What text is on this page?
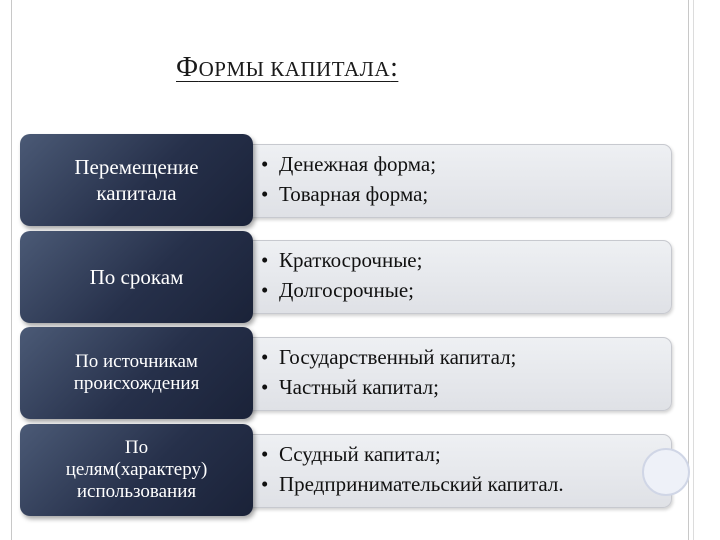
ФОРМЫ КАПИТАЛА:
• Денежная форма;
• Товарная форма;
Перемещение
капитала
• Краткосрочные;
• Долгосрочные;
По срокам
• Государственный капитал;
• Частный капитал;
По источникам
происхождения
• Ссудный капитал;
• Предпринимательский капитал.
По
целям(характеру)
использования
